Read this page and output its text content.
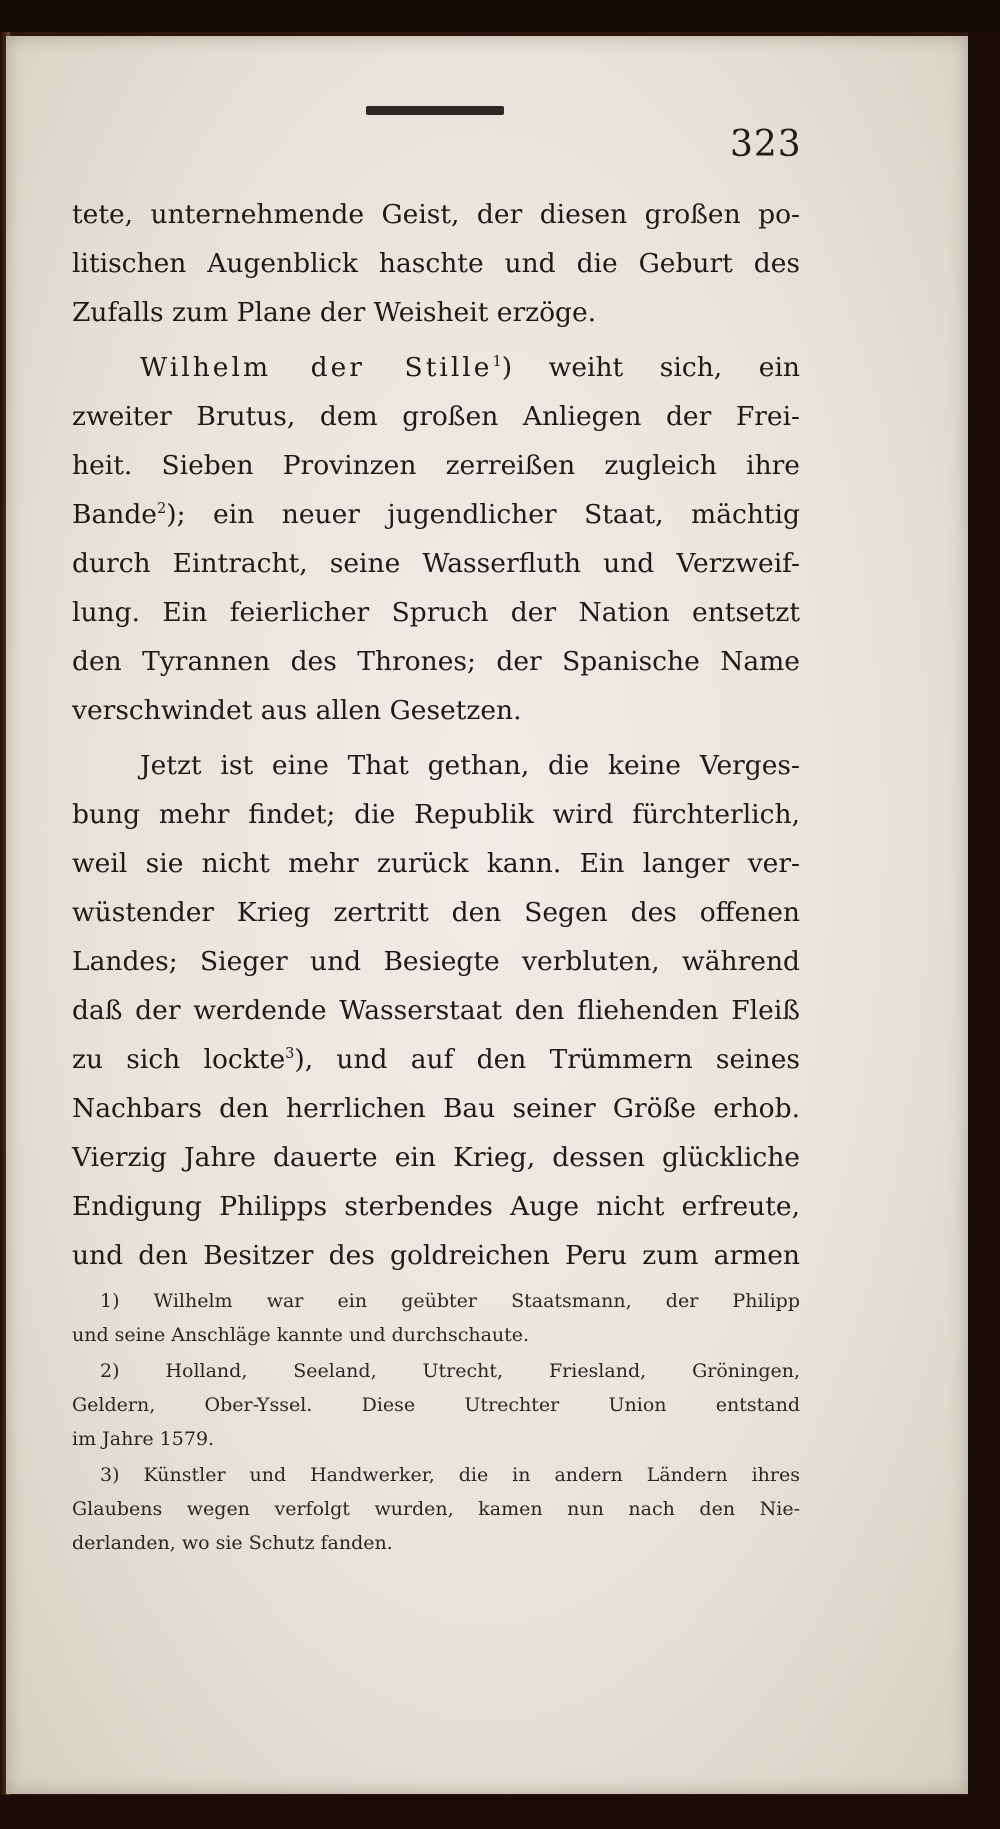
323
tete, unternehmende Geist, der diesen großen po-
litischen Augenblick haschte und die Geburt des
Zufalls zum Plane der Weisheit erzöge.
Wilhelm der Stille$^1$) weiht sich, ein
zweiter Brutus, dem großen Anliegen der Frei-
heit. Sieben Provinzen zerreißen zugleich ihre
Bande$^2$); ein neuer jugendlicher Staat, mächtig
durch Eintracht, seine Wasserfluth und Verzweif-
lung. Ein feierlicher Spruch der Nation entsetzt
den Tyrannen des Thrones; der Spanische Name
verschwindet aus allen Gesetzen.
Jetzt ist eine That gethan, die keine Verges-
bung mehr findet; die Republik wird fürchterlich,
weil sie nicht mehr zurück kann. Ein langer ver-
wüstender Krieg zertritt den Segen des offenen
Landes; Sieger und Besiegte verbluten, während
daß der werdende Wasserstaat den fliehenden Fleiß
zu sich lockte$^3$), und auf den Trümmern seines
Nachbars den herrlichen Bau seiner Größe erhob.
Vierzig Jahre dauerte ein Krieg, dessen glückliche
Endigung Philipps sterbendes Auge nicht erfreute,
und den Besitzer des goldreichen Peru zum armen
1) Wilhelm war ein geübter Staatsmann, der Philipp
und seine Anschläge kannte und durchschaute.
2) Holland, Seeland, Utrecht, Friesland, Gröningen,
Geldern, Ober-Yssel. Diese Utrechter Union entstand
im Jahre 1579.
3) Künstler und Handwerker, die in andern Ländern ihres
Glaubens wegen verfolgt wurden, kamen nun nach den Nie-
derlanden, wo sie Schutz fanden.
